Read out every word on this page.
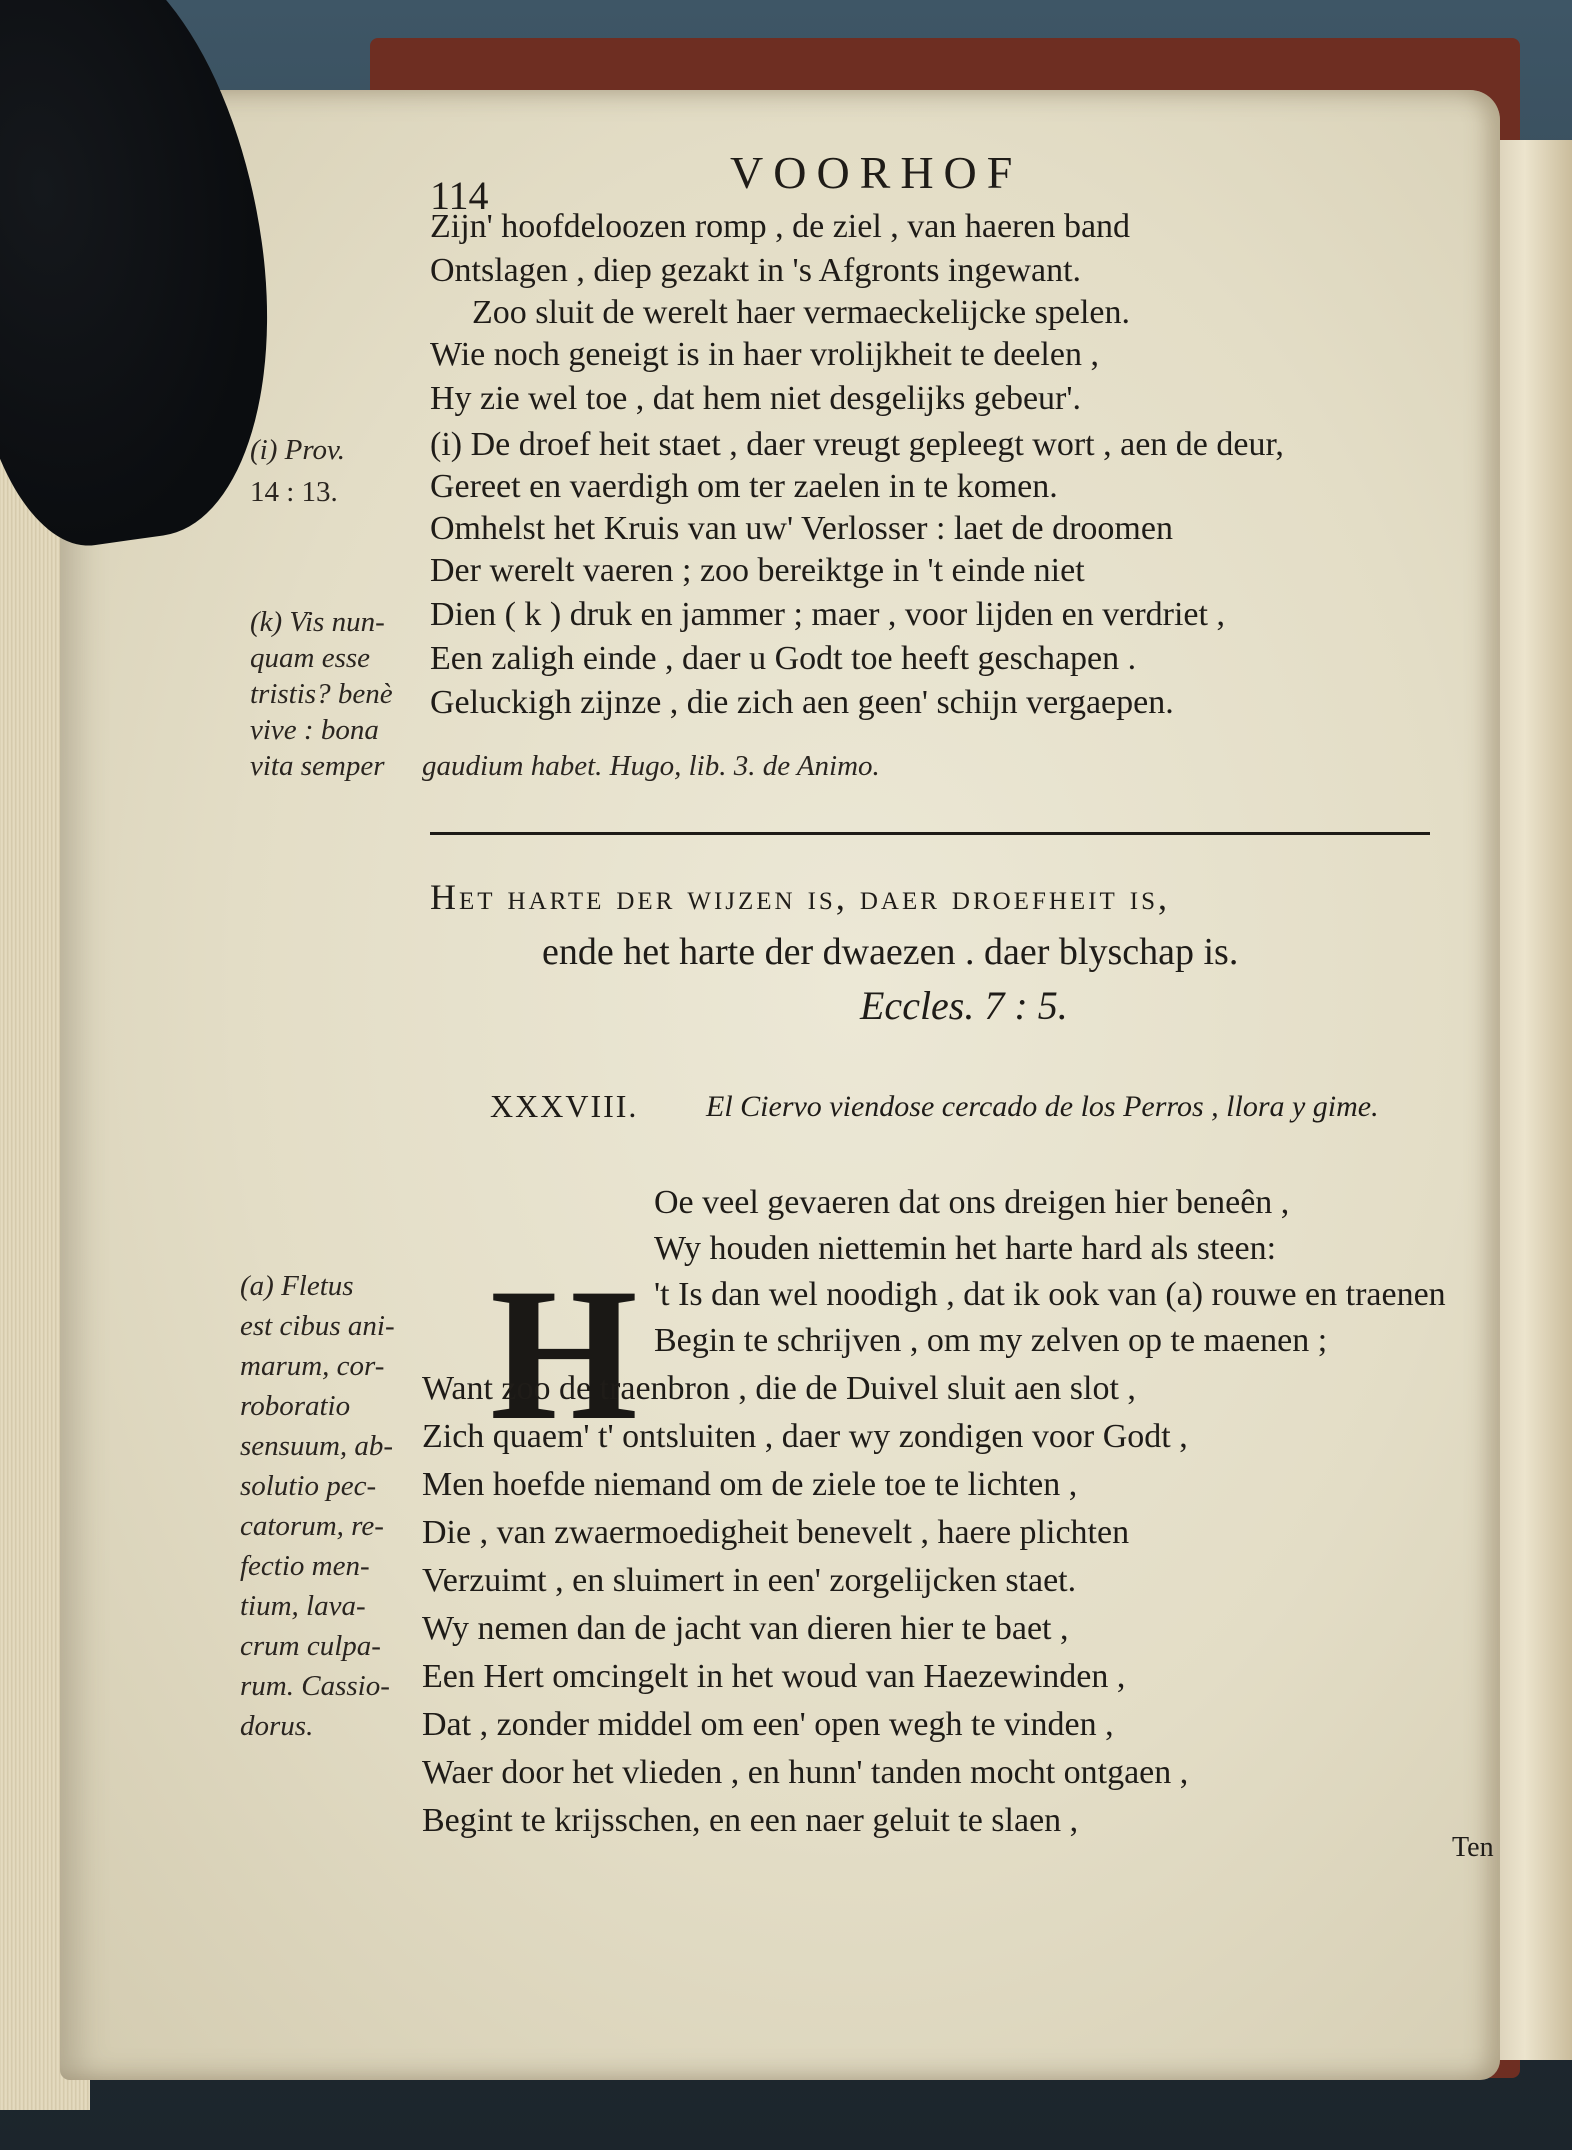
114	VOORHOF
Zijn' hoofdeloozen romp , de ziel , van haeren band
Ontslagen , diep gezakt in 's Afgronts ingewant.
Zoo sluit de werelt haer vermaeckelijcke spelen.
Wie noch geneigt is in haer vrolijkheit te deelen ,
Hy zie wel toe , dat hem niet desgelijks gebeur'.
(i) De droef heit staet , daer vreugt gepleegt wort , aen de deur,
Gereet en vaerdigh om ter zaelen in te komen.
Omhelst het Kruis van uw' Verlosser : laet de droomen
Der werelt vaeren ; zoo bereiktge in 't einde niet
Dien ( k ) druk en jammer ; maer , voor lijden en verdriet ,
Een zaligh einde , daer u Godt toe heeft geschapen .
Geluckigh zijnze , die zich aen geen' schijn vergaepen.
(i) Prov.
14 : 13.
(k) Vis nun-
quam esse
tristis? benè
vive : bona
vita semper gaudium habet. Hugo, lib. 3. de Animo.
Het harte der wijzen is, daer droefheit is,
ende het harte der dwaezen . daer blyschap is.
Eccles. 7 : 5.
XXXVIII. El Ciervo viendose cercado de los Perros , llora y gime.
H
Oe veel gevaeren dat ons dreigen hier beneên ,
Wy houden niettemin het harte hard als steen:
't Is dan wel noodigh , dat ik ook van (a) rouwe en traenen
Begin te schrijven , om my zelven op te maenen ;
Want zoo de traenbron , die de Duivel sluit aen slot ,
Zich quaem' t' ontsluiten , daer wy zondigen voor Godt ,
Men hoefde niemand om de ziele toe te lichten ,
Die , van zwaermoedigheit benevelt , haere plichten
Verzuimt , en sluimert in een' zorgelijcken staet.
Wy nemen dan de jacht van dieren hier te baet ,
Een Hert omcingelt in het woud van Haezewinden ,
Dat , zonder middel om een' open wegh te vinden ,
Waer door het vlieden , en hunn' tanden mocht ontgaen ,
Begint te krijsschen, en een naer geluit te slaen ,
Ten
(a) Fletus
est cibus ani-
marum, cor-
roboratio
sensuum, ab-
solutio pec-
catorum, re-
fectio men-
tium, lava-
crum culpa-
rum. Cassio-
dorus.
